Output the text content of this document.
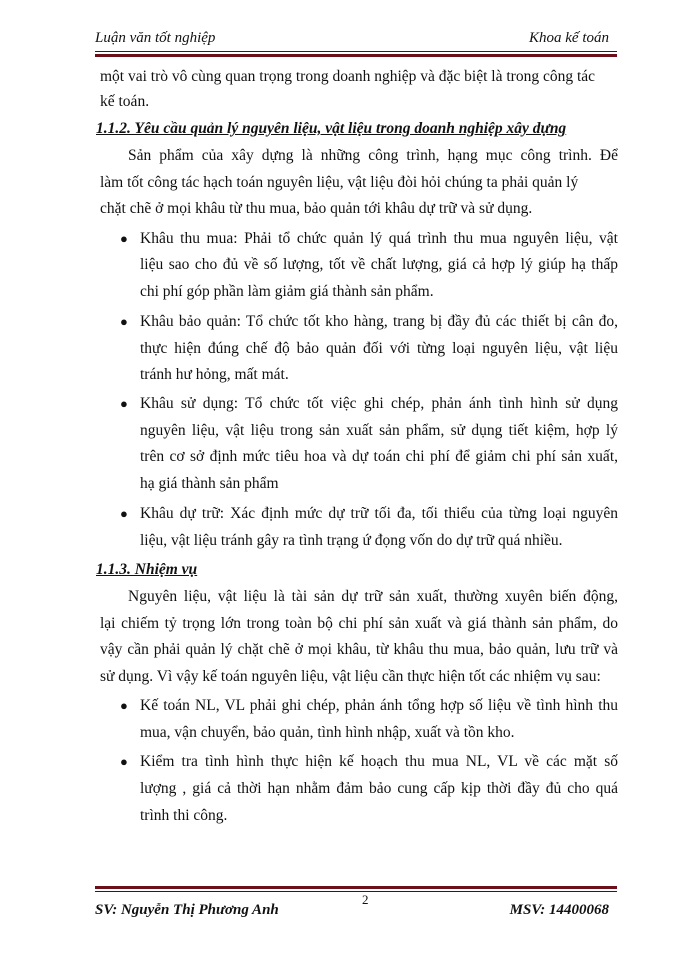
Luận văn tốt nghiệp	Khoa kế toán
một vai trò vô cùng quan trọng trong doanh nghiệp và đặc biệt là trong công tác
kế toán.
1.1.2. Yêu cầu quản lý nguyên liệu, vật liệu trong doanh nghiệp xây dựng
Sản phẩm của xây dựng là những công trình, hạng mục công trình. Để
làm tốt công tác hạch toán nguyên liệu, vật liệu đòi hỏi chúng ta phải quản lý
chặt chẽ ở mọi khâu từ thu mua, bảo quản tới khâu dự trữ và sử dụng.
Khâu thu mua: Phải tổ chức quản lý quá trình thu mua nguyên liệu, vật
●
liệu sao cho đủ về số lượng, tốt về chất lượng, giá cả hợp lý giúp hạ thấp
chi phí góp phần làm giảm giá thành sản phẩm.
Khâu bảo quản: Tổ chức tốt kho hàng, trang bị đầy đủ các thiết bị cân đo,
●
thực hiện đúng chế độ bảo quản đối với từng loại nguyên liệu, vật liệu
tránh hư hỏng, mất mát.
Khâu sử dụng: Tổ chức tốt việc ghi chép, phản ánh tình hình sử dụng
●
nguyên liệu, vật liệu trong sản xuất sản phẩm, sử dụng tiết kiệm, hợp lý
trên cơ sở định mức tiêu hoa và dự toán chi phí để giảm chi phí sản xuất,
hạ giá thành sản phẩm
Khâu dự trữ: Xác định mức dự trữ tối đa, tối thiểu của từng loại nguyên
●
liệu, vật liệu tránh gây ra tình trạng ứ đọng vốn do dự trữ quá nhiều.
1.1.3. Nhiệm vụ
Nguyên liệu, vật liệu là tài sản dự trữ sản xuất, thường xuyên biến động,
lại chiếm tỷ trọng lớn trong toàn bộ chi phí sản xuất và giá thành sản phẩm, do
vậy cần phải quản lý chặt chẽ ở mọi khâu, từ khâu thu mua, bảo quản, lưu trữ và
sử dụng. Vì vậy kế toán nguyên liệu, vật liệu cần thực hiện tốt các nhiệm vụ sau:
Kế toán NL, VL phải ghi chép, phản ánh tổng hợp số liệu về tình hình thu
●
mua, vận chuyển, bảo quản, tình hình nhập, xuất và tồn kho.
Kiểm tra tình hình thực hiện kế hoạch thu mua NL, VL về các mặt số
●
lượng , giá cả thời hạn nhằm đảm bảo cung cấp kịp thời đầy đủ cho quá
trình thi công.
2
SV: Nguyễn Thị Phương Anh	MSV: 14400068
